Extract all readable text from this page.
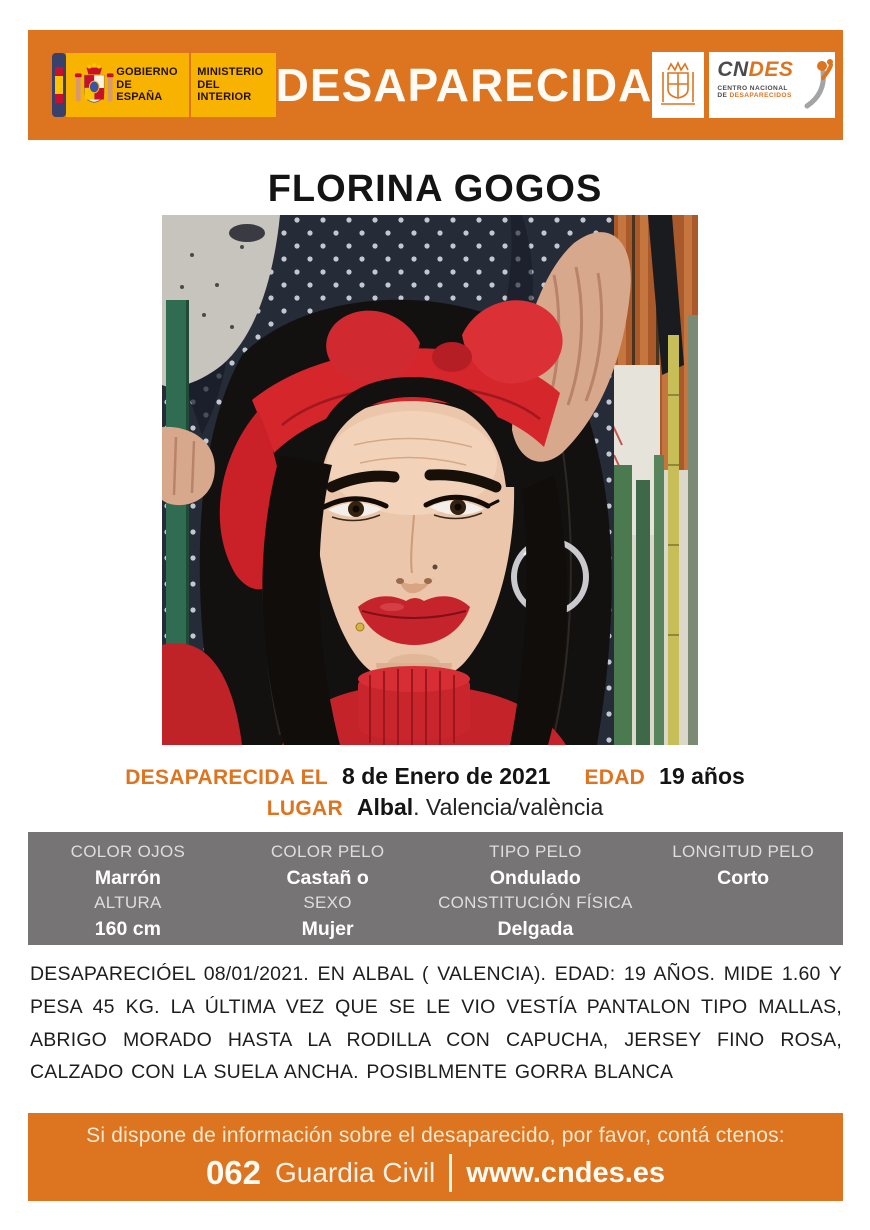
GOBIERNO
DE ESPAÑA
MINISTERIO
DEL INTERIOR DESAPARECIDA	CNDES
CENTRO NACIONAL
DE DESAPARECIDOS
FLORINA GOGOS
DESAPARECIDA EL 8 de Enero de 2021 EDAD 19 años
LUGAR Albal. Valencia/valència
COLOR OJOS
Marrón
COLOR PELO
Castañ o
TIPO PELO
Ondulado
LONGITUD PELO
Corto
ALTURA
160 cm
SEXO
Mujer
CONSTITUCIÓN FÍSICA
Delgada

DESAPARECIÓEL 08/01/2021. EN ALBAL ( VALENCIA). EDAD: 19 AÑOS. MIDE 1.60 Y PESA 45 KG. LA ÚLTIMA VEZ QUE SE LE VIO VESTÍA PANTALON TIPO MALLAS, ABRIGO MORADO HASTA LA RODILLA CON CAPUCHA, JERSEY FINO ROSA, CALZADO CON LA SUELA ANCHA. POSIBLMENTE GORRA BLANCA

Si dispone de información sobre el desaparecido, por favor, contá ctenos:
062 Guardia Civil www.cndes.es
